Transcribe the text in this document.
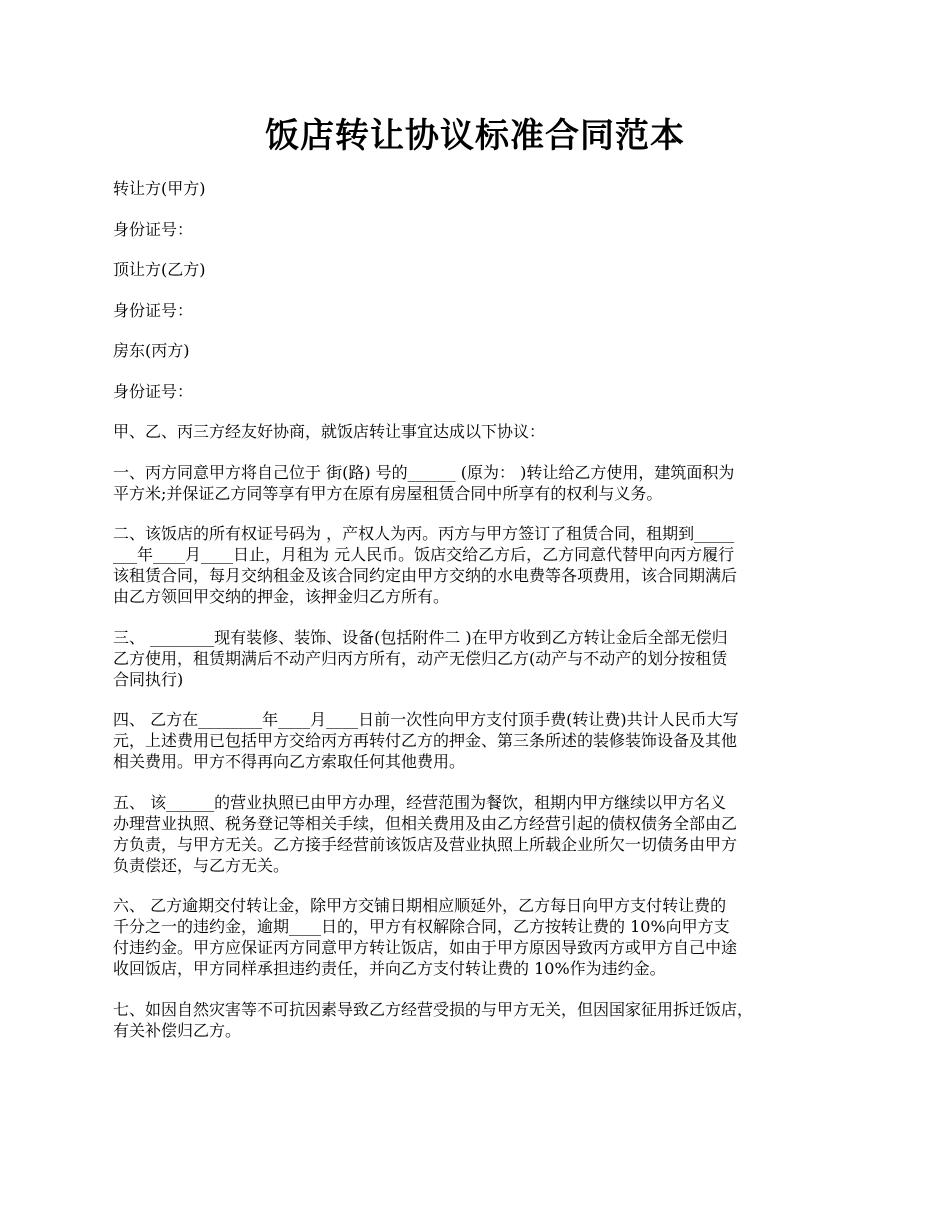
饭店转让协议标准合同范本
转让方(甲方)
身份证号：
顶让方(乙方)
身份证号：
房东(丙方)
身份证号：
甲、乙、丙三方经友好协商，就饭店转让事宜达成以下协议：
一、丙方同意甲方将自己位于 街(路) 号的______ (原为： )转让给乙方使用，建筑面积为
平方米;并保证乙方同等享有甲方在原有房屋租赁合同中所享有的权利与义务。
二、该饭店的所有权证号码为 ，产权人为丙。丙方与甲方签订了租赁合同，租期到_____
___年____月____日止，月租为 元人民币。饭店交给乙方后，乙方同意代替甲向丙方履行
该租赁合同，每月交纳租金及该合同约定由甲方交纳的水电费等各项费用，该合同期满后
由乙方领回甲交纳的押金，该押金归乙方所有。
三、 ________现有装修、装饰、设备(包括附件二 )在甲方收到乙方转让金后全部无偿归
乙方使用，租赁期满后不动产归丙方所有，动产无偿归乙方(动产与不动产的划分按租赁
合同执行)
四、 乙方在________年____月____日前一次性向甲方支付顶手费(转让费)共计人民币大写
元，上述费用已包括甲方交给丙方再转付乙方的押金、第三条所述的装修装饰设备及其他
相关费用。甲方不得再向乙方索取任何其他费用。
五、 该______的营业执照已由甲方办理，经营范围为餐饮，租期内甲方继续以甲方名义
办理营业执照、税务登记等相关手续，但相关费用及由乙方经营引起的债权债务全部由乙
方负责，与甲方无关。乙方接手经营前该饭店及营业执照上所载企业所欠一切债务由甲方
负责偿还，与乙方无关。
六、 乙方逾期交付转让金，除甲方交铺日期相应顺延外，乙方每日向甲方支付转让费的
千分之一的违约金，逾期____日的，甲方有权解除合同，乙方按转让费的 10%向甲方支
付违约金。甲方应保证丙方同意甲方转让饭店，如由于甲方原因导致丙方或甲方自己中途
收回饭店，甲方同样承担违约责任，并向乙方支付转让费的 10%作为违约金。
七、如因自然灾害等不可抗因素导致乙方经营受损的与甲方无关，但因国家征用拆迁饭店，
有关补偿归乙方。
